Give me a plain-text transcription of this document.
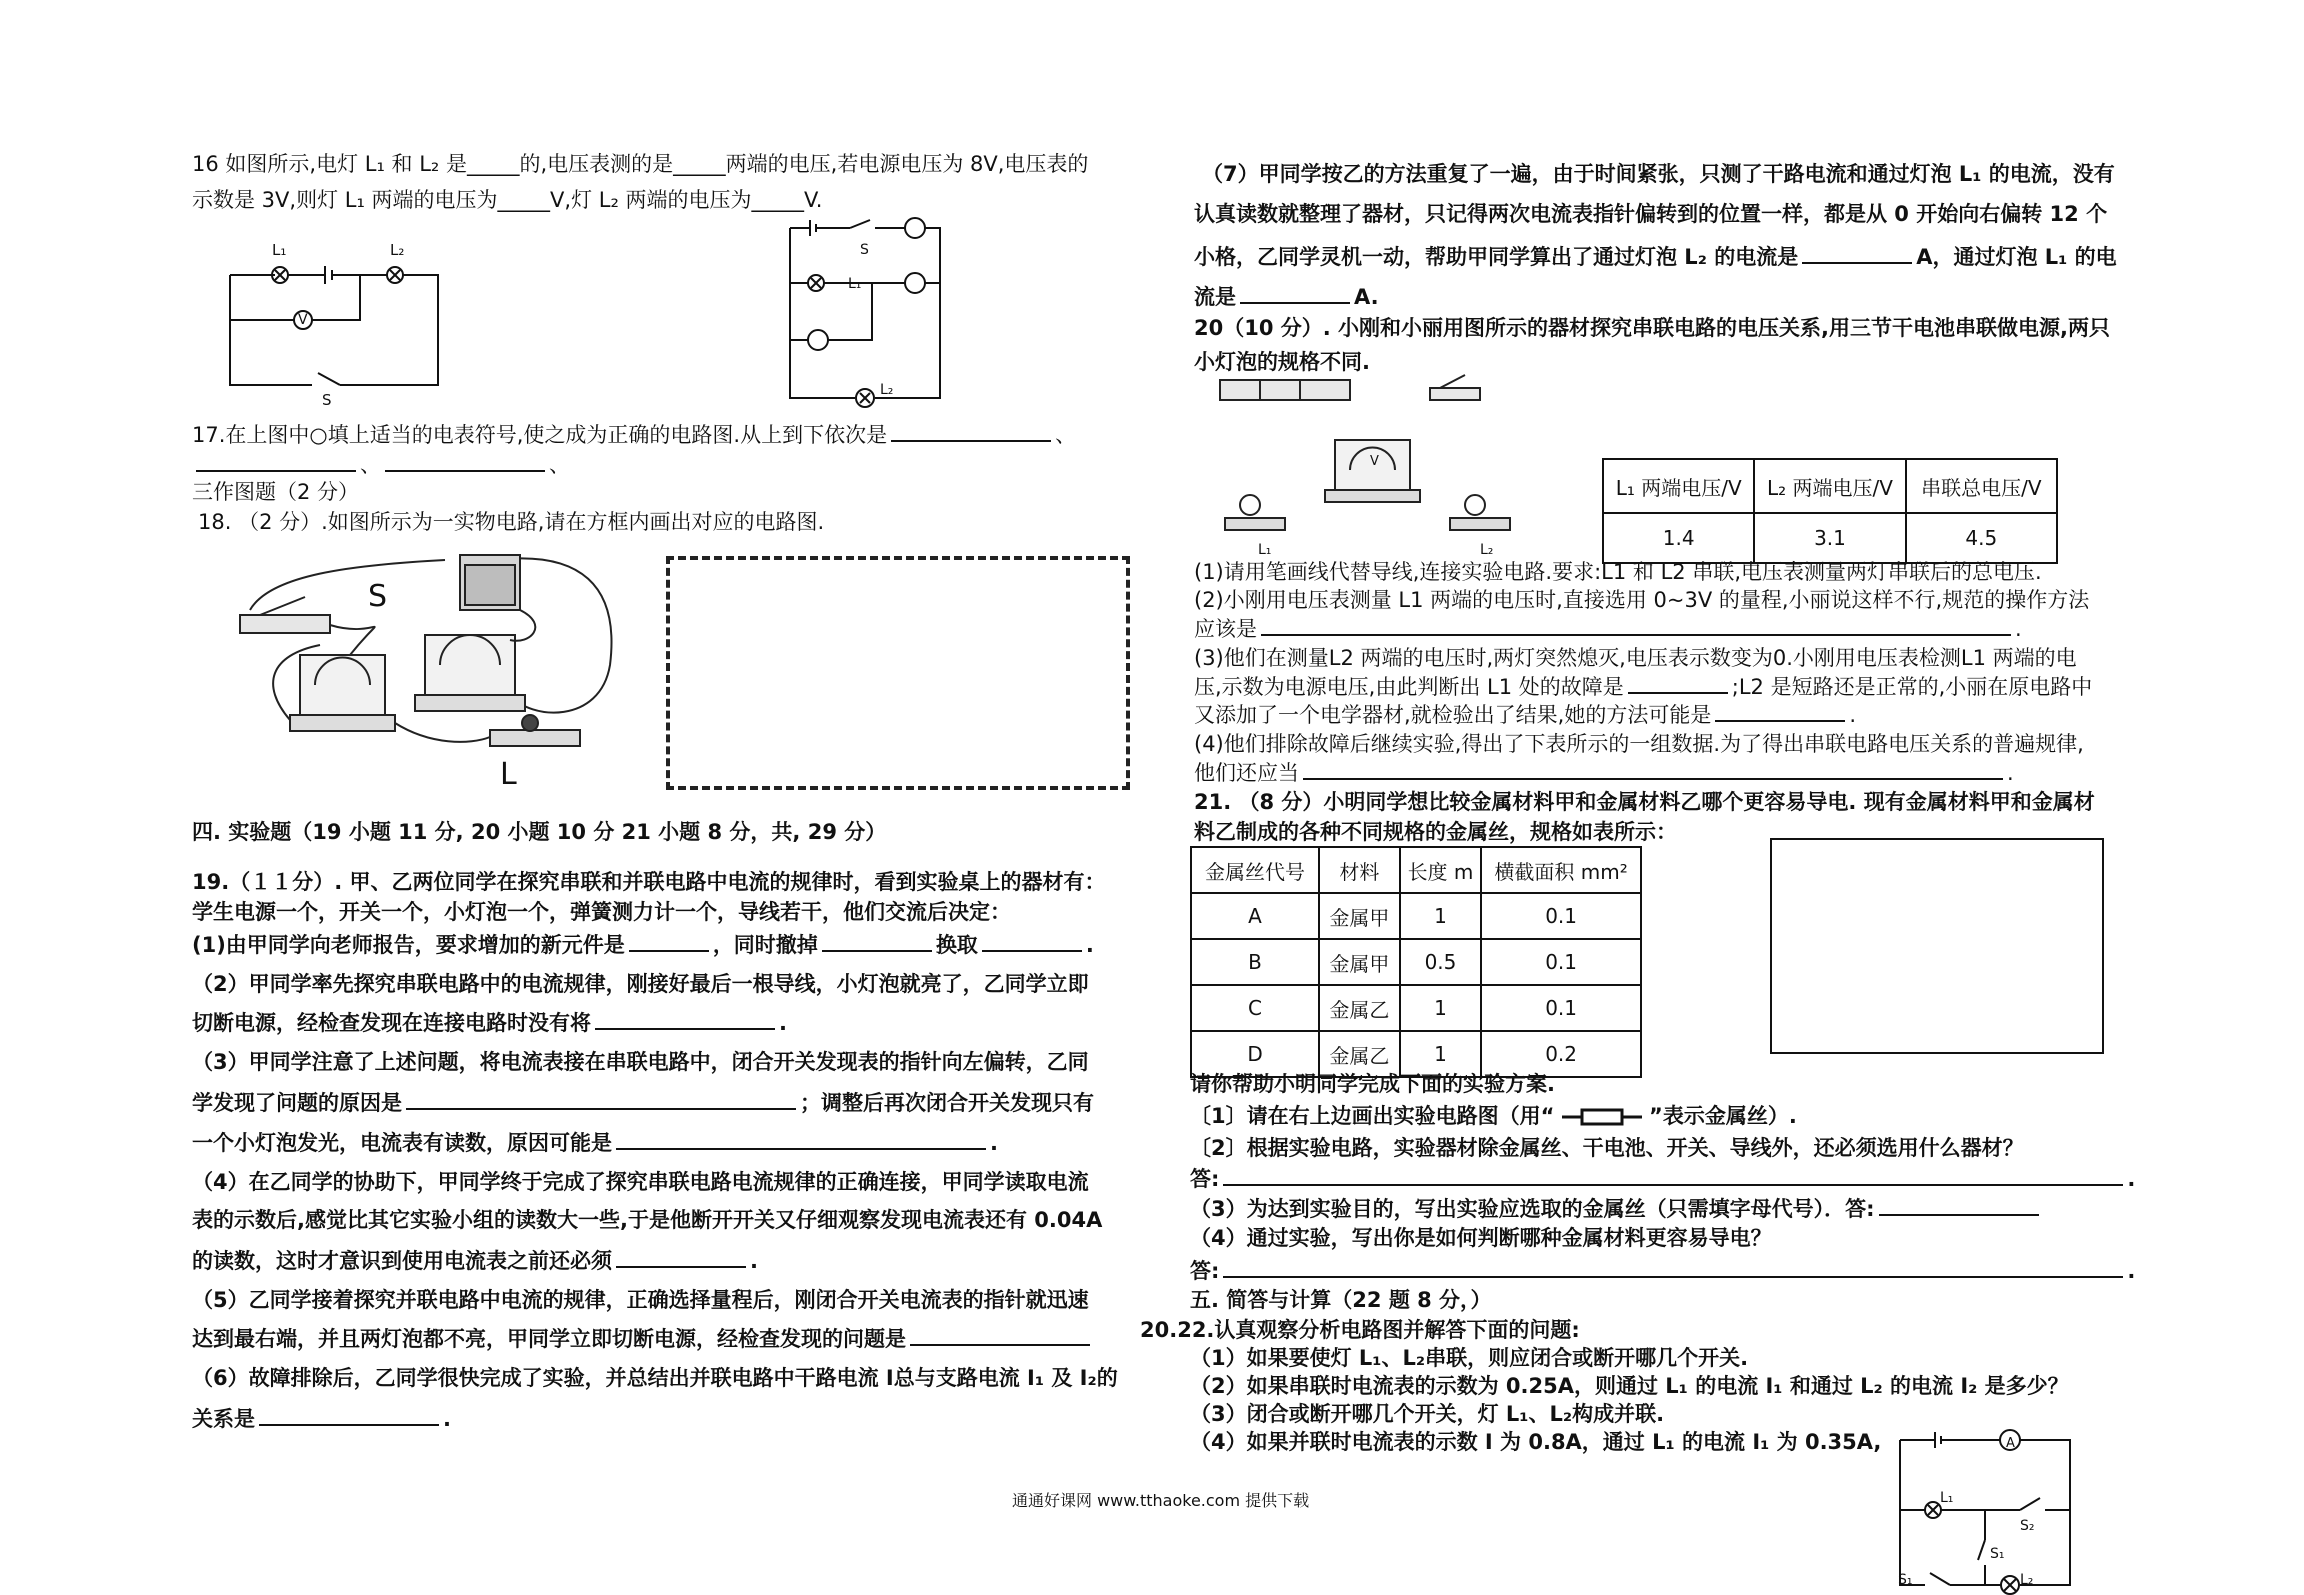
16 如图所示,电灯 L₁ 和 L₂ 是_____的,电压表测的是_____两端的电压,若电源电压为 8V,电压表的
示数是 3V,则灯 L₁ 两端的电压为_____V,灯 L₂ 两端的电压为_____V.
L₁	L₂
V
S
S
L₁
L₂
17.在上图中○填上适当的电表符号,使之成为正确的电路图.从上到下依次是	、
、	、
三作图题（2 分）
18. （2 分）.如图所示为一实物电路,请在方框内画出对应的电路图.
S
L
四. 实验题（19 小题 11 分, 20 小题 10 分 21 小题 8 分，共, 29 分）
19.（１１分）. 甲、乙两位同学在探究串联和并联电路中电流的规律时，看到实验桌上的器材有：
学生电源一个，开关一个，小灯泡一个，弹簧测力计一个，导线若干，他们交流后决定：
(1)由甲同学向老师报告，要求增加的新元件是	，同时撤掉	换取	.
（2）甲同学率先探究串联电路中的电流规律，刚接好最后一根导线，小灯泡就亮了，乙同学立即
切断电源，经检查发现在连接电路时没有将	.
（3）甲同学注意了上述问题，将电流表接在串联电路中，闭合开关发现表的指针向左偏转，乙同
学发现了问题的原因是	；调整后再次闭合开关发现只有
一个小灯泡发光，电流表有读数，原因可能是	.
（4）在乙同学的协助下，甲同学终于完成了探究串联电路电流规律的正确连接，甲同学读取电流
表的示数后,感觉比其它实验小组的读数大一些,于是他断开开关又仔细观察发现电流表还有 0.04A
的读数，这时才意识到使用电流表之前还必须	.
（5）乙同学接着探究并联电路中电流的规律，正确选择量程后，刚闭合开关电流表的指针就迅速
达到最右端，并且两灯泡都不亮，甲同学立即切断电源，经检查发现的问题是
（6）故障排除后，乙同学很快完成了实验，并总结出并联电路中干路电流 I总与支路电流 I₁ 及 I₂的
关系是	.
（7）甲同学按乙的方法重复了一遍，由于时间紧张，只测了干路电流和通过灯泡 L₁ 的电流，没有
认真读数就整理了器材，只记得两次电流表指针偏转到的位置一样，都是从 0 开始向右偏转 12 个
小格，乙同学灵机一动，帮助甲同学算出了通过灯泡 L₂ 的电流是	A，通过灯泡 L₁ 的电
流是	A.
20（10 分）. 小刚和小丽用图所示的器材探究串联电路的电压关系,用三节干电池串联做电源,两只
小灯泡的规格不同.
L₁	L₂
V
L₁ 两端电压/V	L₂ 两端电压/V	串联总电压/V
1.4	3.1	4.5
(1)请用笔画线代替导线,连接实验电路.要求:L1 和 L2 串联,电压表测量两灯串联后的总电压.
(2)小刚用电压表测量 L1 两端的电压时,直接选用 0~3V 的量程,小丽说这样不行,规范的操作方法
应该是	.
(3)他们在测量L2 两端的电压时,两灯突然熄灭,电压表示数变为0.小刚用电压表检测L1 两端的电
压,示数为电源电压,由此判断出 L1 处的故障是	;L2 是短路还是正常的,小丽在原电路中
又添加了一个电学器材,就检验出了结果,她的方法可能是	.
(4)他们排除故障后继续实验,得出了下表所示的一组数据.为了得出串联电路电压关系的普遍规律,
他们还应当	.
21. （8 分）小明同学想比较金属材料甲和金属材料乙哪个更容易导电. 现有金属材料甲和金属材
料乙制成的各种不同规格的金属丝，规格如表所示：
金属丝代号	材料	长度 m	横截面积 mm²
A	金属甲	1	0.1
B	金属甲	0.5	0.1
C	金属乙	1	0.1
D	金属乙	1	0.2
请你帮助小明同学完成下面的实验方案.
〔1〕请在右上边画出实验电路图（用“	”表示金属丝）.
〔2〕根据实验电路，实验器材除金属丝、干电池、开关、导线外，还必须选用什么器材？
答:	.
（3）为达到实验目的，写出实验应选取的金属丝（只需填字母代号）．答:
（4）通过实验，写出你是如何判断哪种金属材料更容易导电？
答:	.
五. 简答与计算（22 题 8 分，）
20.22.认真观察分析电路图并解答下面的问题:
（1）如果要使灯 L₁、L₂串联，则应闭合或断开哪几个开关.
（2）如果串联时电流表的示数为 0.25A，则通过 L₁ 的电流 I₁ 和通过 L₂ 的电流 I₂ 是多少？
（3）闭合或断开哪几个开关，灯 L₁、L₂构成并联.
（4）如果并联时电流表的示数 I 为 0.8A，通过 L₁ 的电流 I₁ 为 0.35A,	A
L₁
S₂
S₁
S₁	L₂
通通好课网 www.tthaoke.com 提供下载
